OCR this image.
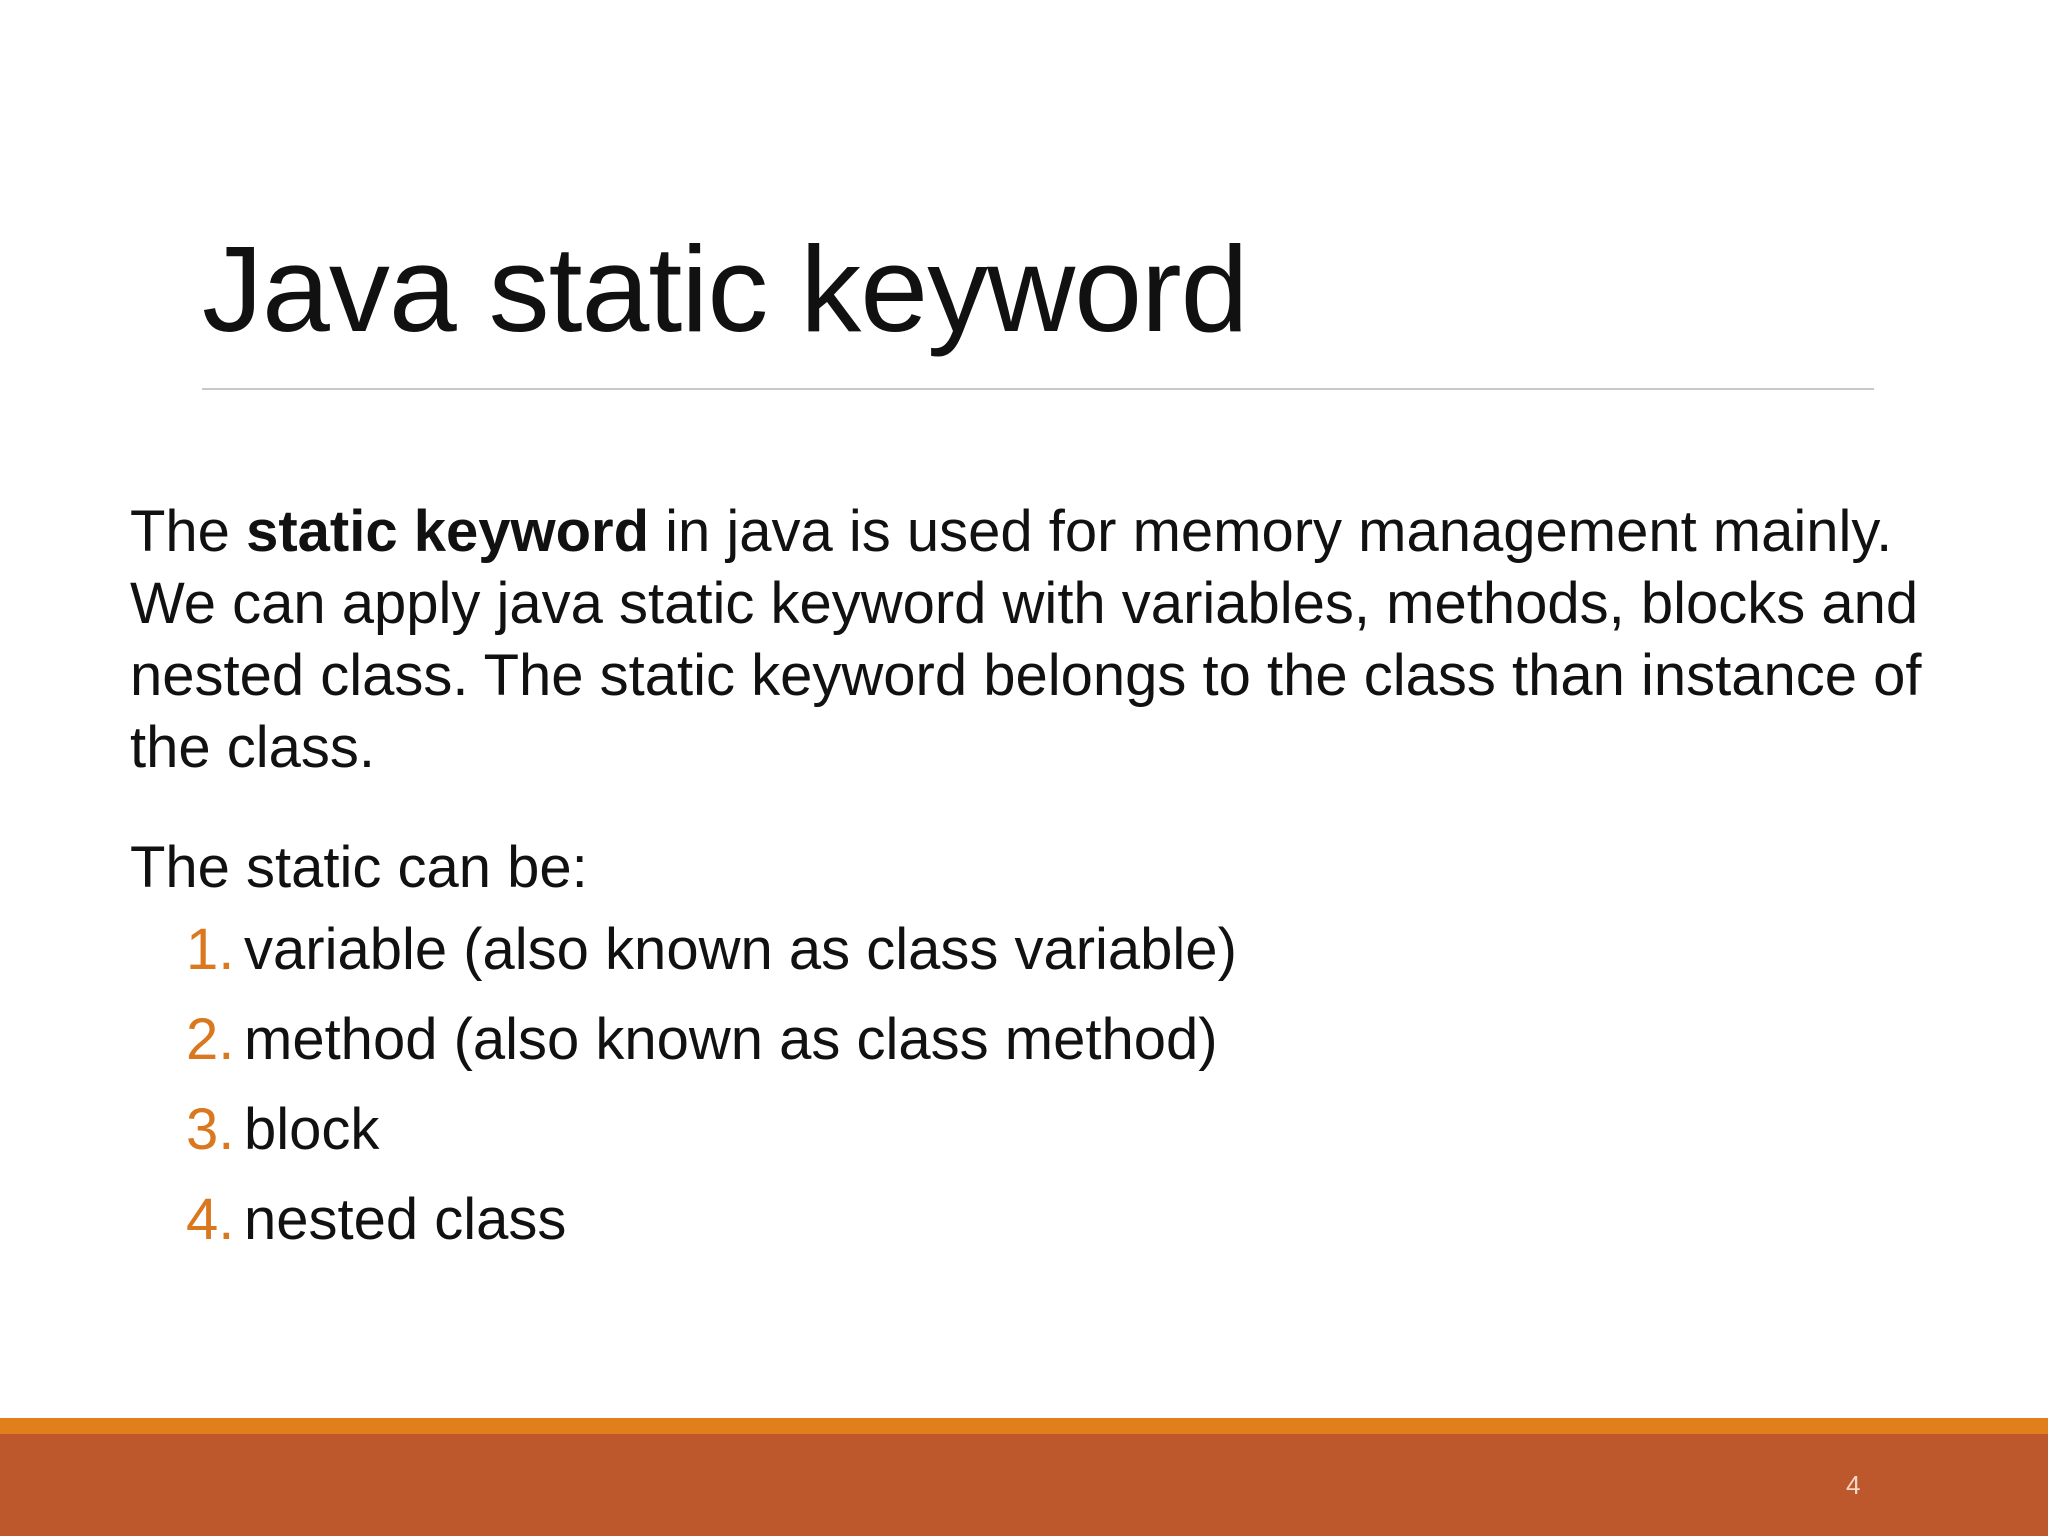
Java static keyword

The static keyword in java is used for memory management mainly. We can apply java static keyword with variables, methods, blocks and nested class. The static keyword belongs to the class than instance of the class.

The static can be:
1. variable (also known as class variable)
2. method (also known as class method)
3. block
4. nested class
4
